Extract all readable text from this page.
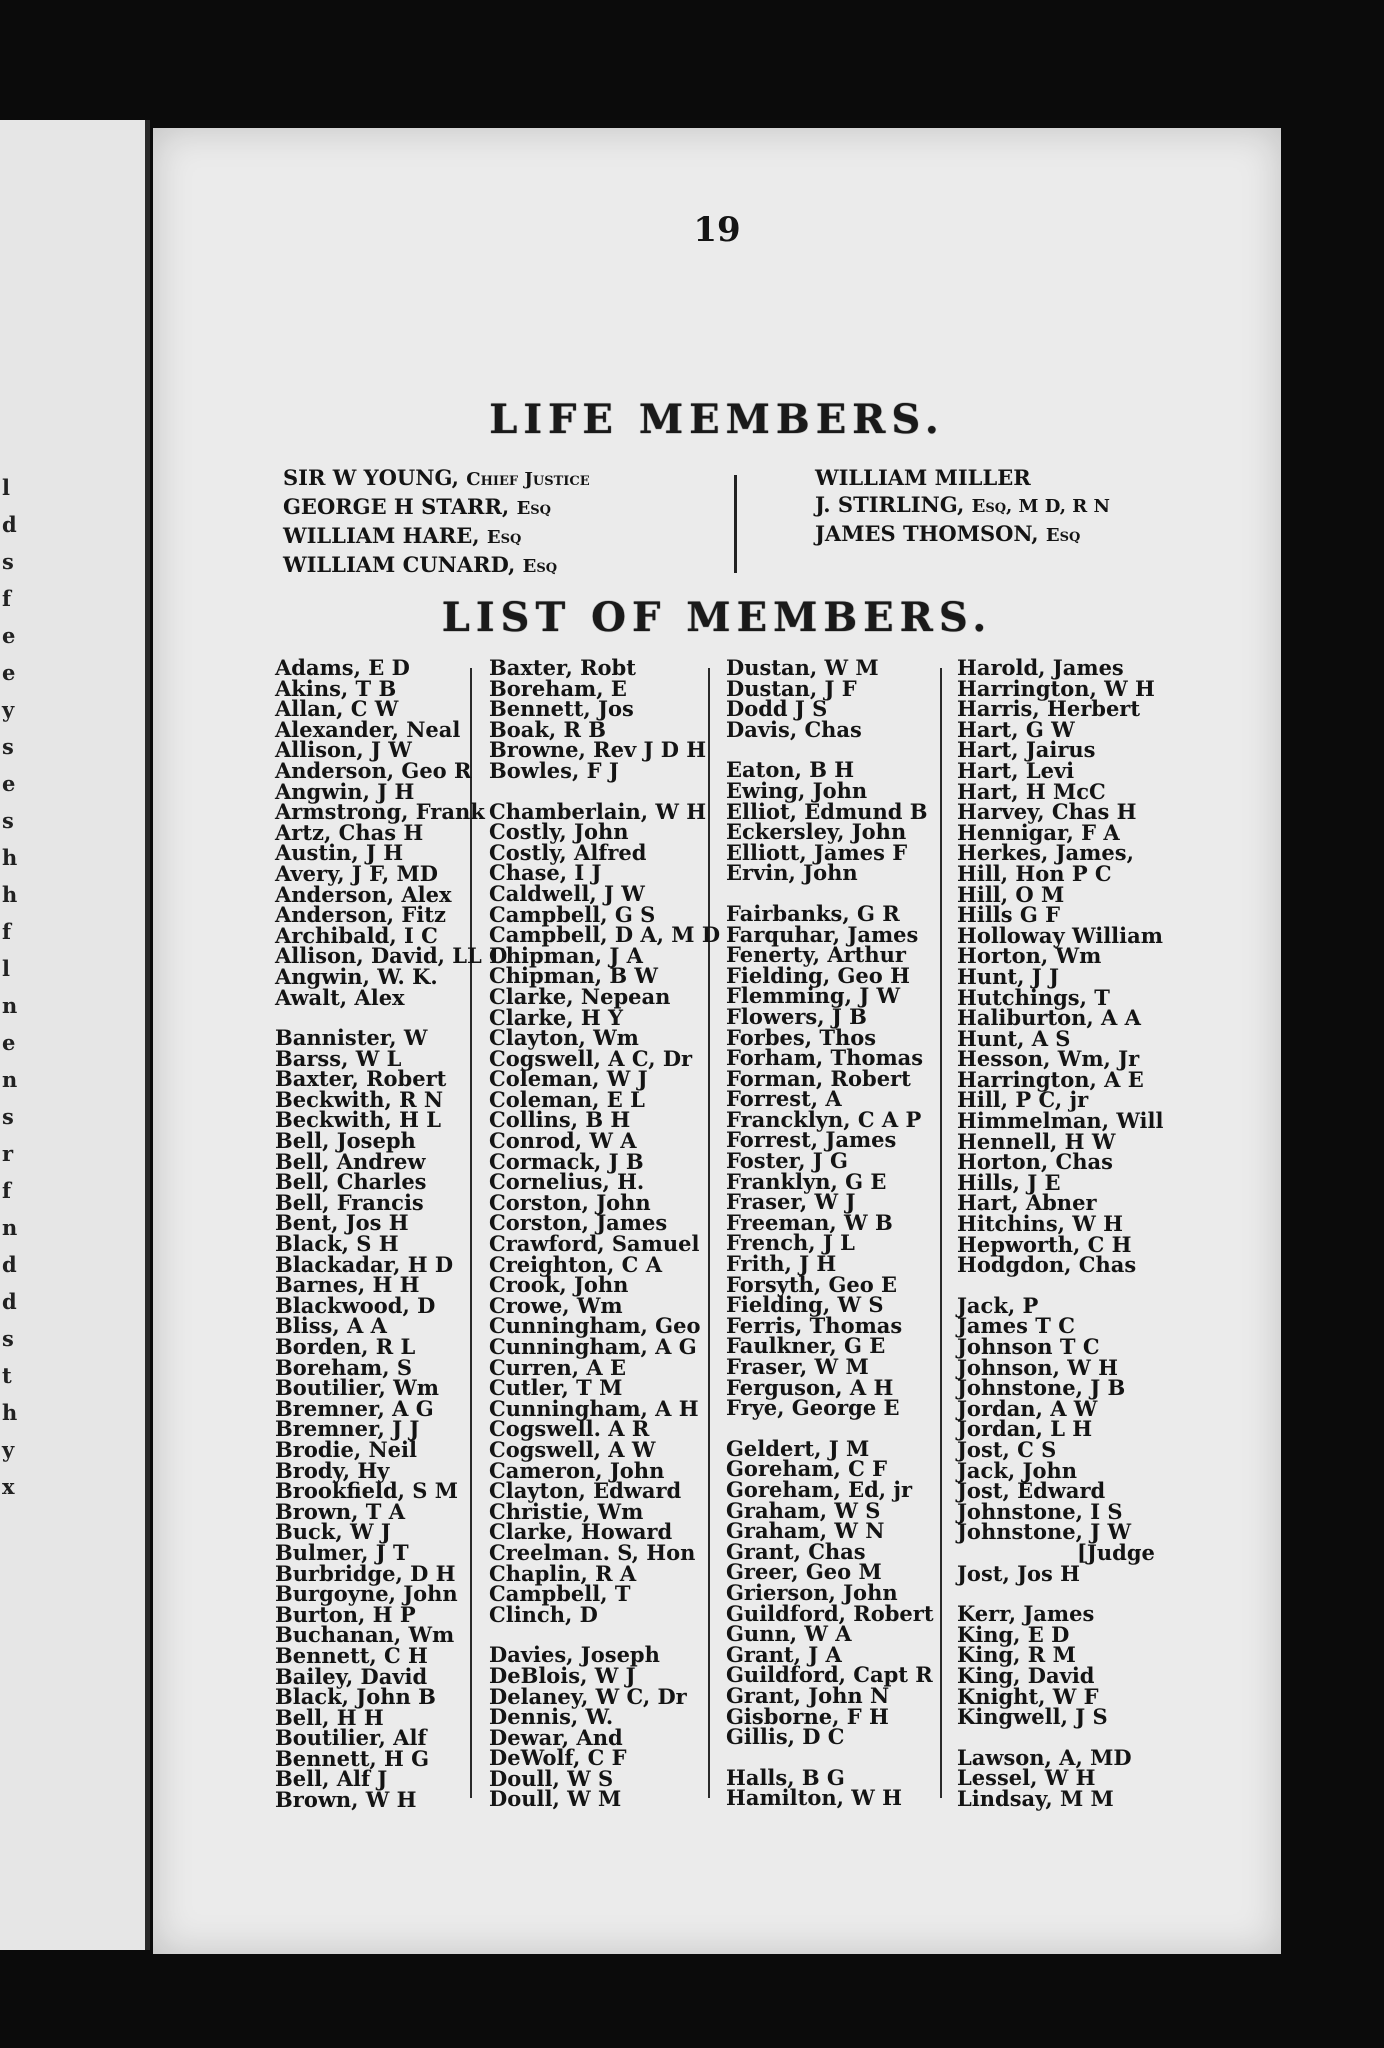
l
d
s
f
e
e
y
s
e
s
h
h
f
l
n
e
n
s
r
f
n
d
d
s
t
h
y
x
19
LIFE MEMBERS.
SIR W YOUNG, Chief Justice
GEORGE H STARR, Esq
WILLIAM HARE, Esq
WILLIAM CUNARD, Esq
WILLIAM MILLER
J. STIRLING, Esq, M D, R N
JAMES THOMSON, Esq
LIST OF MEMBERS.
Adams, E D
Akins, T B
Allan, C W
Alexander, Neal
Allison, J W
Anderson, Geo R
Angwin, J H
Armstrong, Frank
Artz, Chas H
Austin, J H
Avery, J F, MD
Anderson, Alex
Anderson, Fitz
Archibald, I C
Allison, David, LL D
Angwin, W. K.
Awalt, Alex
Bannister, W
Barss, W L
Baxter, Robert
Beckwith, R N
Beckwith, H L
Bell, Joseph
Bell, Andrew
Bell, Charles
Bell, Francis
Bent, Jos H
Black, S H
Blackadar, H D
Barnes, H H
Blackwood, D
Bliss, A A
Borden, R L
Boreham, S
Boutilier, Wm
Bremner, A G
Bremner, J J
Brodie, Neil
Brody, Hy
Brookfield, S M
Brown, T A
Buck, W J
Bulmer, J T
Burbridge, D H
Burgoyne, John
Burton, H P
Buchanan, Wm
Bennett, C H
Bailey, David
Black, John B
Bell, H H
Boutilier, Alf
Bennett, H G
Bell, Alf J
Brown, W H
Baxter, Robt
Boreham, E
Bennett, Jos
Boak, R B
Browne, Rev J D H
Bowles, F J
Chamberlain, W H
Costly, John
Costly, Alfred
Chase, I J
Caldwell, J W
Campbell, G S
Campbell, D A, M D
Chipman, J A
Chipman, B W
Clarke, Nepean
Clarke, H Y
Clayton, Wm
Cogswell, A C, Dr
Coleman, W J
Coleman, E L
Collins, B H
Conrod, W A
Cormack, J B
Cornelius, H.
Corston, John
Corston, James
Crawford, Samuel
Creighton, C A
Crook, John
Crowe, Wm
Cunningham, Geo
Cunningham, A G
Curren, A E
Cutler, T M
Cunningham, A H
Cogswell. A R
Cogswell, A W
Cameron, John
Clayton, Edward
Christie, Wm
Clarke, Howard
Creelman. S, Hon
Chaplin, R A
Campbell, T
Clinch, D
Davies, Joseph
DeBlois, W J
Delaney, W C, Dr
Dennis, W.
Dewar, And
DeWolf, C F
Doull, W S
Doull, W M
Dustan, W M
Dustan, J F
Dodd J S
Davis, Chas
Eaton, B H
Ewing, John
Elliot, Edmund B
Eckersley, John
Elliott, James F
Ervin, John
Fairbanks, G R
Farquhar, James
Fenerty, Arthur
Fielding, Geo H
Flemming, J W
Flowers, J B
Forbes, Thos
Forham, Thomas
Forman, Robert
Forrest, A
Francklyn, C A P
Forrest, James
Foster, J G
Franklyn, G E
Fraser, W J
Freeman, W B
French, J L
Frith, J H
Forsyth, Geo E
Fielding, W S
Ferris, Thomas
Faulkner, G E
Fraser, W M
Ferguson, A H
Frye, George E
Geldert, J M
Goreham, C F
Goreham, Ed, jr
Graham, W S
Graham, W N
Grant, Chas
Greer, Geo M
Grierson, John
Guildford, Robert
Gunn, W A
Grant, J A
Guildford, Capt R
Grant, John N
Gisborne, F H
Gillis, D C
Halls, B G
Hamilton, W H
Harold, James
Harrington, W H
Harris, Herbert
Hart, G W
Hart, Jairus
Hart, Levi
Hart, H McC
Harvey, Chas H
Hennigar, F A
Herkes, James,
Hill, Hon P C
Hill, O M
Hills G F
Holloway William
Horton, Wm
Hunt, J J
Hutchings, T
Haliburton, A A
Hunt, A S
Hesson, Wm, Jr
Harrington, A E
Hill, P C, jr
Himmelman, Will
Hennell, H W
Horton, Chas
Hills, J E
Hart, Abner
Hitchins, W H
Hepworth, C H
Hodgdon, Chas
Jack, P
James T C
Johnson T C
Johnson, W H
Johnstone, J B
Jordan, A W
Jordan, L H
Jost, C S
Jack, John
Jost, Edward
Johnstone, I S
Johnstone, J W
[Judge
Jost, Jos H
Kerr, James
King, E D
King, R M
King, David
Knight, W F
Kingwell, J S
Lawson, A, MD
Lessel, W H
Lindsay, M M
